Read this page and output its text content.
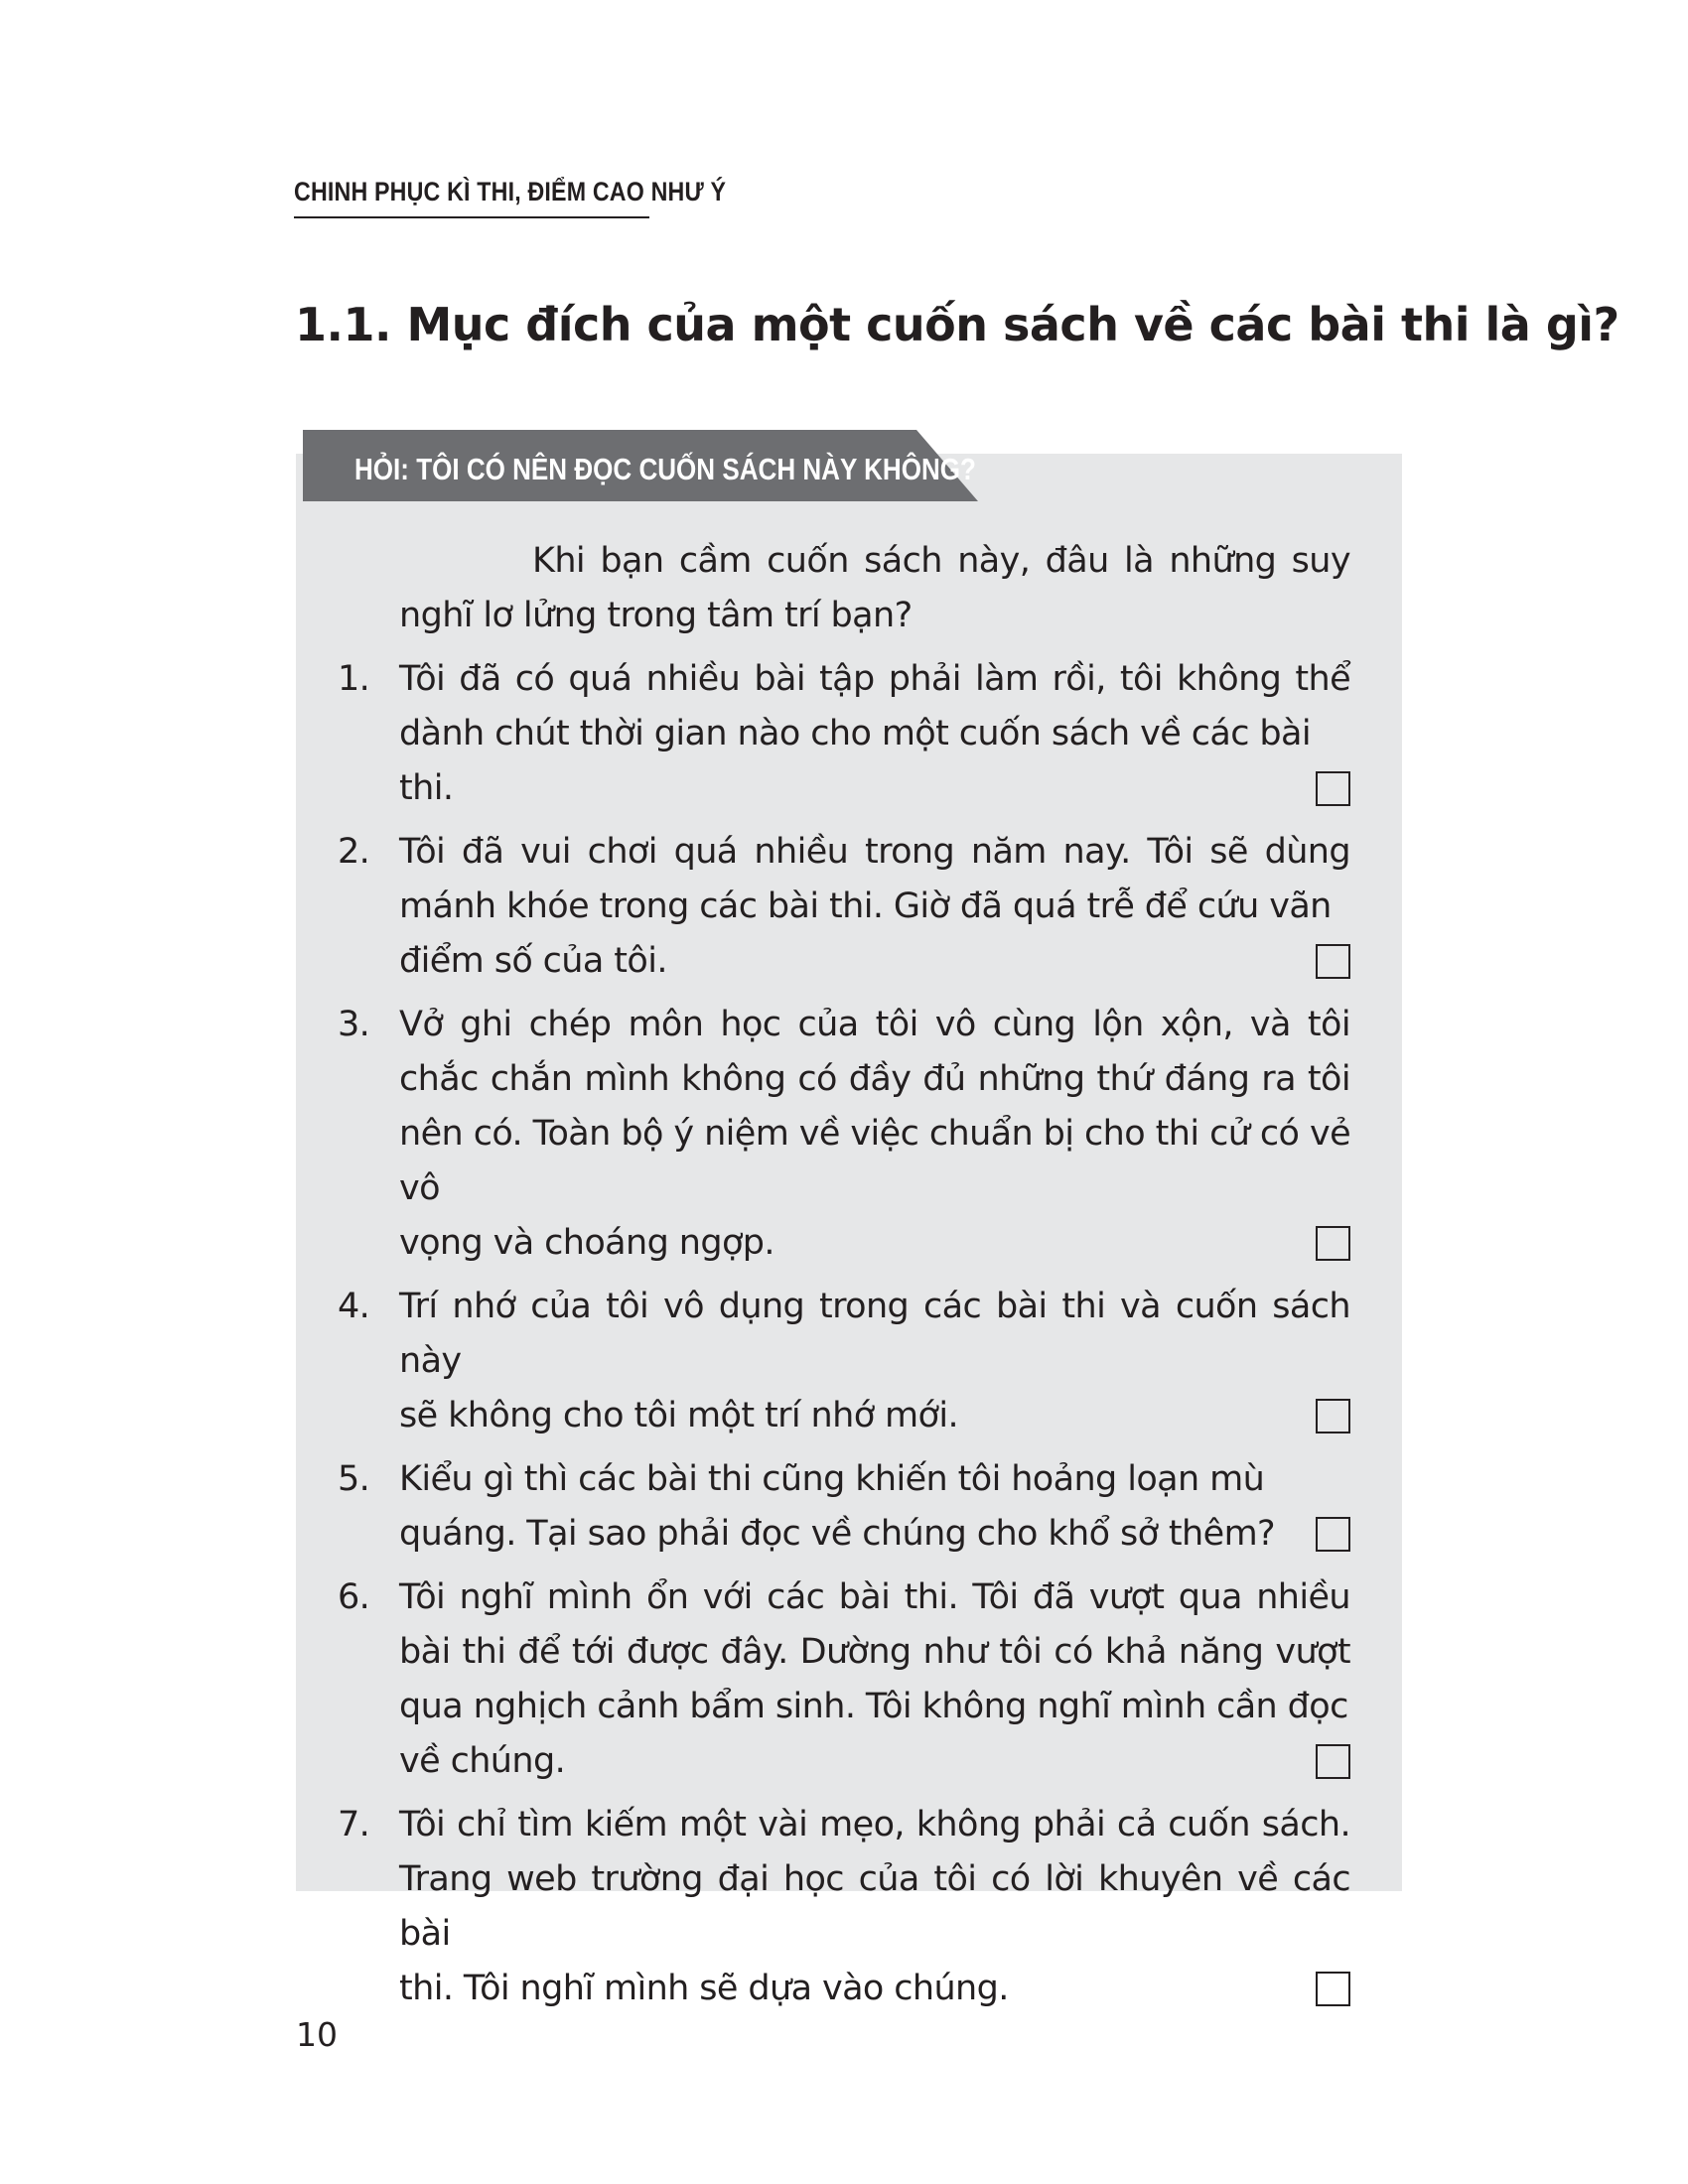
CHINH PHỤC KÌ THI, ĐIỂM CAO NHƯ Ý
1.1. Mục đích của một cuốn sách về các bài thi là gì?
HỎI: TÔI CÓ NÊN ĐỌC CUỐN SÁCH NÀY KHÔNG?

Khi bạn cầm cuốn sách này, đâu là những suy nghĩ lơ lửng trong tâm trí bạn?

1. Tôi đã có quá nhiều bài tập phải làm rồi, tôi không thể dành chút thời gian nào cho một cuốn sách về các bài
thi.
2. Tôi đã vui chơi quá nhiều trong năm nay. Tôi sẽ dùng mánh khóe trong các bài thi. Giờ đã quá trễ để cứu vãn
điểm số của tôi.
3. Vở ghi chép môn học của tôi vô cùng lộn xộn, và tôi chắc chắn mình không có đầy đủ những thứ đáng ra tôi nên có. Toàn bộ ý niệm về việc chuẩn bị cho thi cử có vẻ vô
vọng và choáng ngợp.
4. Trí nhớ của tôi vô dụng trong các bài thi và cuốn sách này
sẽ không cho tôi một trí nhớ mới.
5. Kiểu gì thì các bài thi cũng khiến tôi hoảng loạn mù
quáng. Tại sao phải đọc về chúng cho khổ sở thêm?
6. Tôi nghĩ mình ổn với các bài thi. Tôi đã vượt qua nhiều bài thi để tới được đây. Dường như tôi có khả năng vượt qua nghịch cảnh bẩm sinh. Tôi không nghĩ mình cần đọc
về chúng.
7. Tôi chỉ tìm kiếm một vài mẹo, không phải cả cuốn sách. Trang web trường đại học của tôi có lời khuyên về các bài
thi. Tôi nghĩ mình sẽ dựa vào chúng.
10
